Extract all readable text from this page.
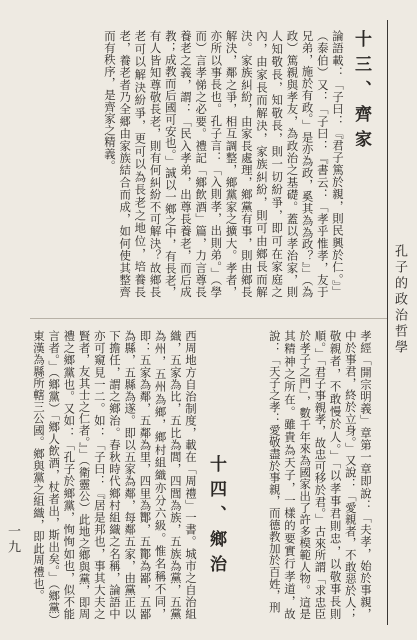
孔子的政治哲學
十三、齊家
論語載：「子曰：『君子篤於親，則民興於仁。』」（泰伯）又：「子曰：『書云：「孝乎惟孝，友于兄弟，施於有政。」是亦為政，奚其為為政？』」（為政）篤親與孝友，為政治之基礎。蓋以孝治家，則人知敬長，知敬長，則一切紛爭，即可在家庭之內，由家長而解決，家族糾紛，則可由鄉長而解決。家族糾紛，由家長處理，鄉黨有事，則由鄉長解決，鄰之爭，相互調整，鄉黨家之擴大。孝者，亦所以事長也。孔子言：「入則孝，出則弟。」（學而）言孝悌之必要。禮記「鄉飲酒」篇，力言尊長養老之義，謂：「民入孝弟，出尊長養老，而后成教；成教而后國可安也。」誠以一鄉之中，有長老，有人皆知尊敬長老，則有何糾紛不可解決？故鄉長老可以解決紛爭，更可以為長老之地位，培養長老，養老者乃全郷由家族結合而成，如何使其整齊而有秩序，是齊家之精義。
孝經「開宗明義」章第一章即說：「夫孝，始於事親，中於事君，終於立身。」又說：「愛親者，不敢惡於人；敬親者，不敢慢於人。」「以孝事君則忠，以敬事長則順。」「君子事親孝，故忠可移於君。」古來所謂「求忠臣於孝子之門」，數千年來為國家出了許多模範人物。這是其精神之所在。雖貴為天子，一樣的要實行孝道，故說：「天子之孝：愛敬盡於事親，而德教加於百姓，刑
十四、鄉治
西周地方自治制度，載在「周禮」一書。城市之自治組織，五家為比，五比為閭，四閭為族，五族為黨，五黨為州，五州為鄉，鄉村組織亦分六級。惟名稱不同，即：五家為鄰，五鄰為里，四里為酇，五酇為鄙，五鄙為縣，五縣為遂。即以五家為鄰，每鄰五家，由黨正以下擔任，謂之鄉治。春秋時代鄉村組織之名稱，論語中亦可窺見一二。如：「子曰：『居是邦也，事其大夫之賢者，友其士之仁者。』」（衛靈公）此地之鄉與黨，即周禮之鄉黨也。又如：「孔子於鄉黨，恂恂如也，似不能言者。」（鄉黨）「鄉人飲酒，杖者出，斯出矣。」（鄉黨）東漢為縣所轄三公國。鄉與黨之組織，即此周禮也。
一九
